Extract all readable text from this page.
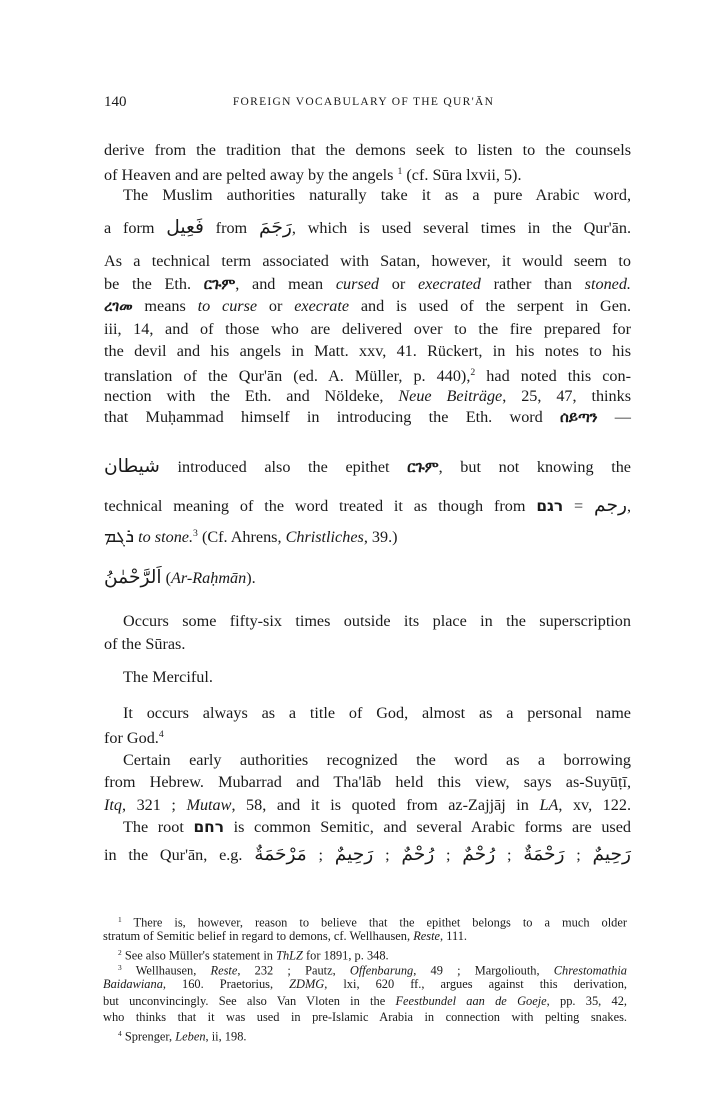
140	FOREIGN VOCABULARY OF THE QUR'ĀN
derive from the tradition that the demons seek to listen to the counsels
of Heaven and are pelted away by the angels $^1$ (cf. Sūra lxvii, 5).
The Muslim authorities naturally take it as a pure Arabic word,
a form فَعِيل from رَجَمَ, which is used several times in the Qur'ān.
As a technical term associated with Satan, however, it would seem to
be the Eth. ርጉም, and mean cursed or execrated rather than stoned.
ረገመ means to curse or execrate and is used of the serpent in Gen.
iii, 14, and of those who are delivered over to the fire prepared for
the devil and his angels in Matt. xxv, 41. Rückert, in his notes to his
translation of the Qur'ān (ed. A. Müller, p. 440),$^2$ had noted this con-
nection with the Eth. and Nöldeke, Neue Beiträge, 25, 47, thinks
that Muḥammad himself in introducing the Eth. word ሰይጣን —
شيطان introduced also the epithet ርጉም, but not knowing the
technical meaning of the word treated it as though from	رجم = רגם	,
ܪܓܡ to stone.$^3$ (Cf. Ahrens, Christliches, 39.)
اَلرَّحْمٰنُ (Ar-Raḥmān).
Occurs some fifty-six times outside its place in the superscription
of the Sūras.
The Merciful.
It occurs always as a title of God, almost as a personal name
for God.$^4$
Certain early authorities recognized the word as a borrowing
from Hebrew. Mubarrad and Tha'lāb held this view, says as-Suyūṭī,
Itq, 321 ; Mutaw, 58, and it is quoted from az-Zajjāj in LA, xv, 122.
The root רחם is common Semitic, and several Arabic forms are used
in the Qur'ān, e.g.	رَحِيمٌ ; رَحْمَةٌ ; رُحْمٌ ; رُحْمٌ ; رَحِيمٌ ; مَرْحَمَةٌ
$^1$ There is, however, reason to believe that the epithet belongs to a much older
stratum of Semitic belief in regard to demons, cf. Wellhausen, Reste, 111.
$^2$ See also Müller's statement in ThLZ for 1891, p. 348.
$^3$ Wellhausen, Reste, 232 ; Pautz, Offenbarung, 49 ; Margoliouth, Chrestomathia
Baidawiana, 160. Praetorius, ZDMG, lxi, 620 ff., argues against this derivation,
but unconvincingly. See also Van Vloten in the Feestbundel aan de Goeje, pp. 35, 42,
who thinks that it was used in pre-Islamic Arabia in connection with pelting snakes.
$^4$ Sprenger, Leben, ii, 198.
